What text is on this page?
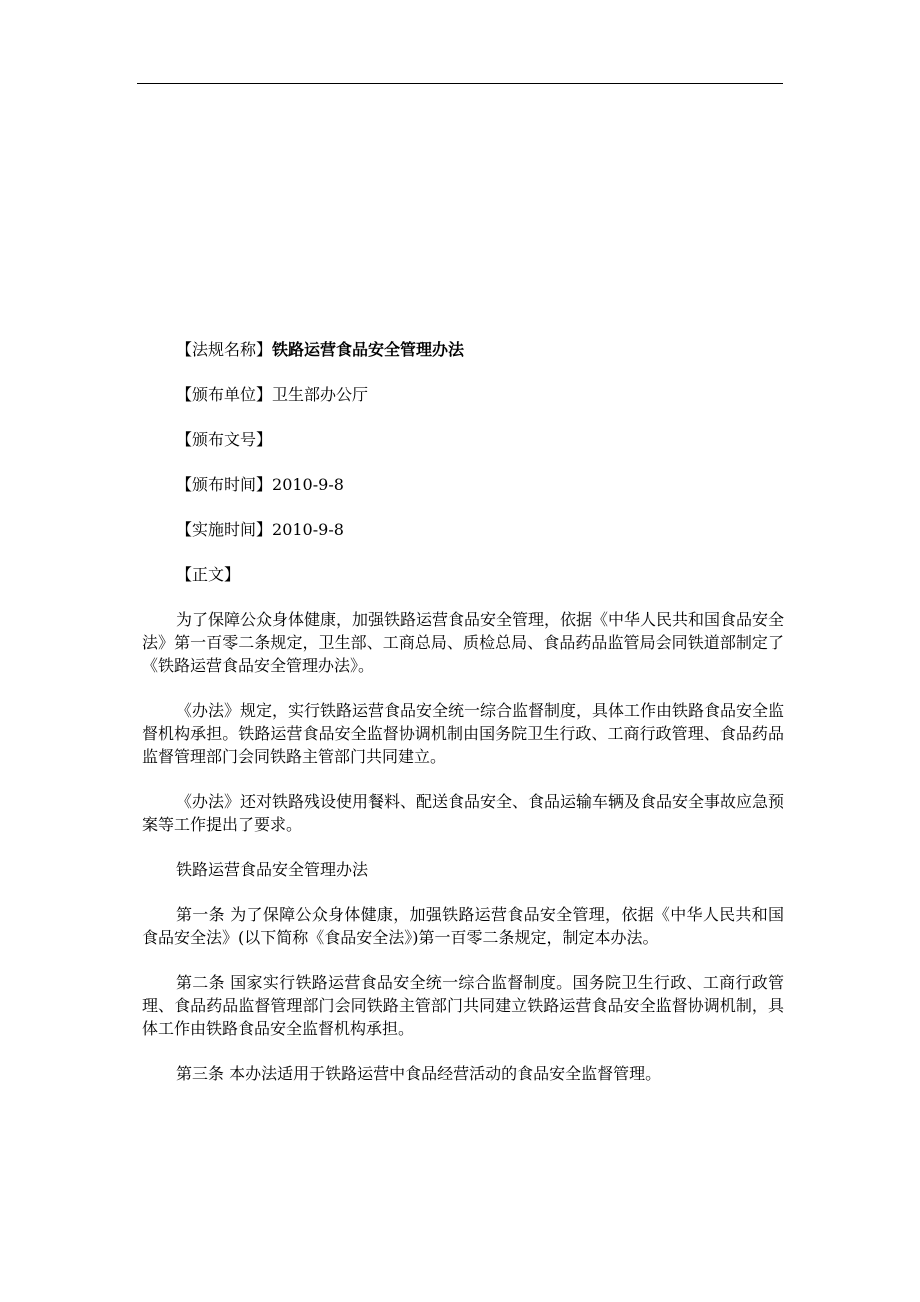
【法规名称】铁路运营食品安全管理办法
【颁布单位】卫生部办公厅
【颁布文号】
【颁布时间】2010-9-8
【实施时间】2010-9-8
【正文】

为了保障公众身体健康，加强铁路运营食品安全管理，依据《中华人民共和国食品安全法》第一百零二条规定，卫生部、工商总局、质检总局、食品药品监管局会同铁道部制定了《铁路运营食品安全管理办法》。

《办法》规定，实行铁路运营食品安全统一综合监督制度，具体工作由铁路食品安全监督机构承担。铁路运营食品安全监督协调机制由国务院卫生行政、工商行政管理、食品药品监督管理部门会同铁路主管部门共同建立。

《办法》还对铁路残设使用餐料、配送食品安全、食品运输车辆及食品安全事故应急预案等工作提出了要求。

铁路运营食品安全管理办法

第一条 为了保障公众身体健康，加强铁路运营食品安全管理，依据《中华人民共和国食品安全法》(以下简称《食品安全法》)第一百零二条规定，制定本办法。

第二条 国家实行铁路运营食品安全统一综合监督制度。国务院卫生行政、工商行政管理、食品药品监督管理部门会同铁路主管部门共同建立铁路运营食品安全监督协调机制，具体工作由铁路食品安全监督机构承担。

第三条 本办法适用于铁路运营中食品经营活动的食品安全监督管理。
